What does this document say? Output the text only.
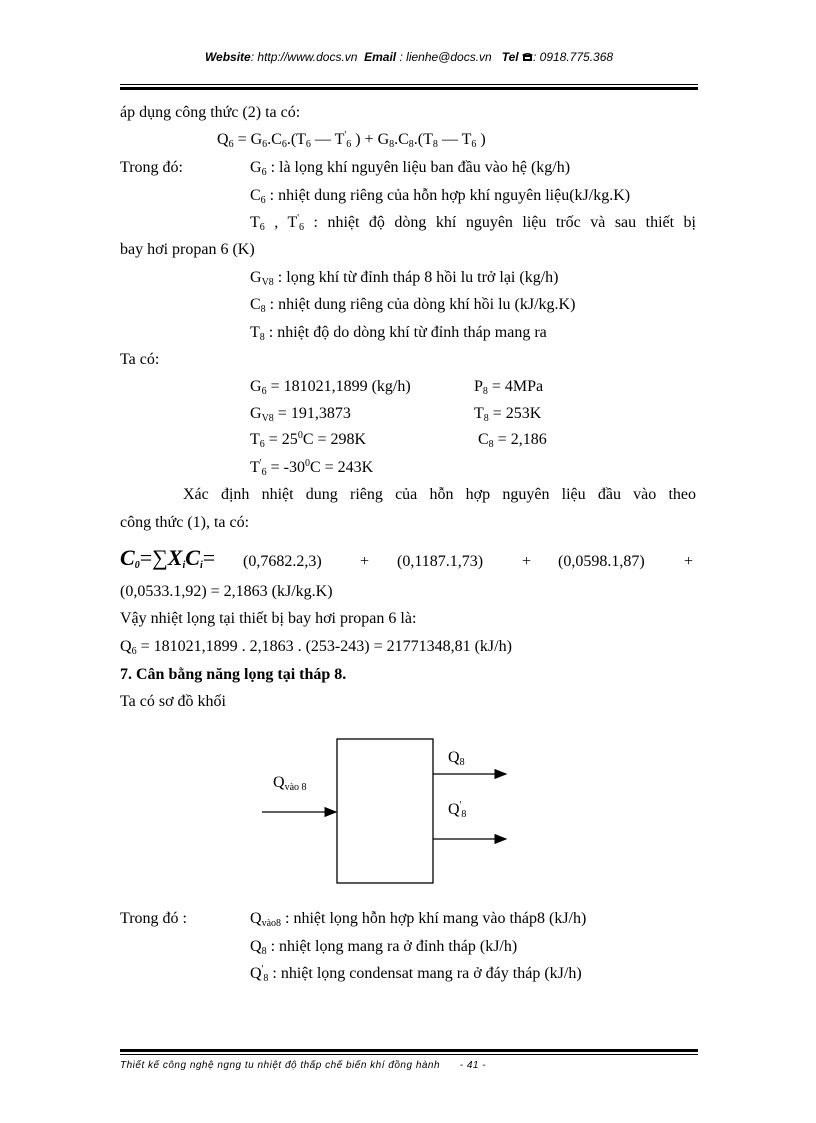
Website: http://www.docs.vn Email : lienhe@docs.vn Tel : 0918.775.368
áp dụng công thức (2) ta có:
$Q_6 = G_6.C_6.(T_6$ — $T'_6$ ) + $G_8.C_8.(T_8$ — $T_6$ )
Trong đó:	$G_6$ : là lọng khí nguyên liệu ban đầu vào hệ (kg/h)
$C_6$ : nhiệt dung riêng của hỗn hợp khí nguyên liệu(kJ/kg.K)
$T_6$ , $T'_6$ : nhiệt độ dòng khí nguyên liệu trốc và sau thiết bị
bay hơi propan 6 (K)
$G_{V8}$ : lọng khí từ đỉnh tháp 8 hồi lu trở lại (kg/h)
$C_8$ : nhiệt dung riêng của dòng khí hồi lu (kJ/kg.K)
$T_8$ : nhiệt độ do dòng khí từ đỉnh tháp mang ra
Ta có:
$G_6 = 181021,1899$ (kg/h)	$P_8 = 4MPa$
$G_{V8} = 191,3873$	$T_8 = 253K$
$T_6 = 25^0C = 298K$	$C_8 = 2,186$
$T'_6 = -30^0C = 243K$
Xác định nhiệt dung riêng của hỗn hợp nguyên liệu đầu vào theo
công thức (1), ta có:
$C_0=\sum X_iC_i= (0,7682.2,3) + (0,1187.1,73) + (0,0598.1,87)$ +
(0,0533.1,92) = 2,1863 (kJ/kg.K)
Vậy nhiệt lọng tại thiết bị bay hơi propan 6 là:
$Q_6 = 181021,1899$ . 2,1863 . (253-243) = 21771348,81 (kJ/h)
7. Cân bằng năng lọng tại tháp 8.
Ta có sơ đồ khối
$Q_{vào 8}$
$Q_8$
$Q'_8$
Trong đó :	$Q_{vào8}$ : nhiệt lọng hỗn hợp khí mang vào tháp8 (kJ/h)
$Q_8$ : nhiệt lọng mang ra ở đỉnh tháp (kJ/h)
$Q'_8$ : nhiệt lọng condensat mang ra ở đáy tháp (kJ/h)
Thiết kế công nghệ ngng tu nhiệt độ thấp chế biến khí đồng hành - 41 -
